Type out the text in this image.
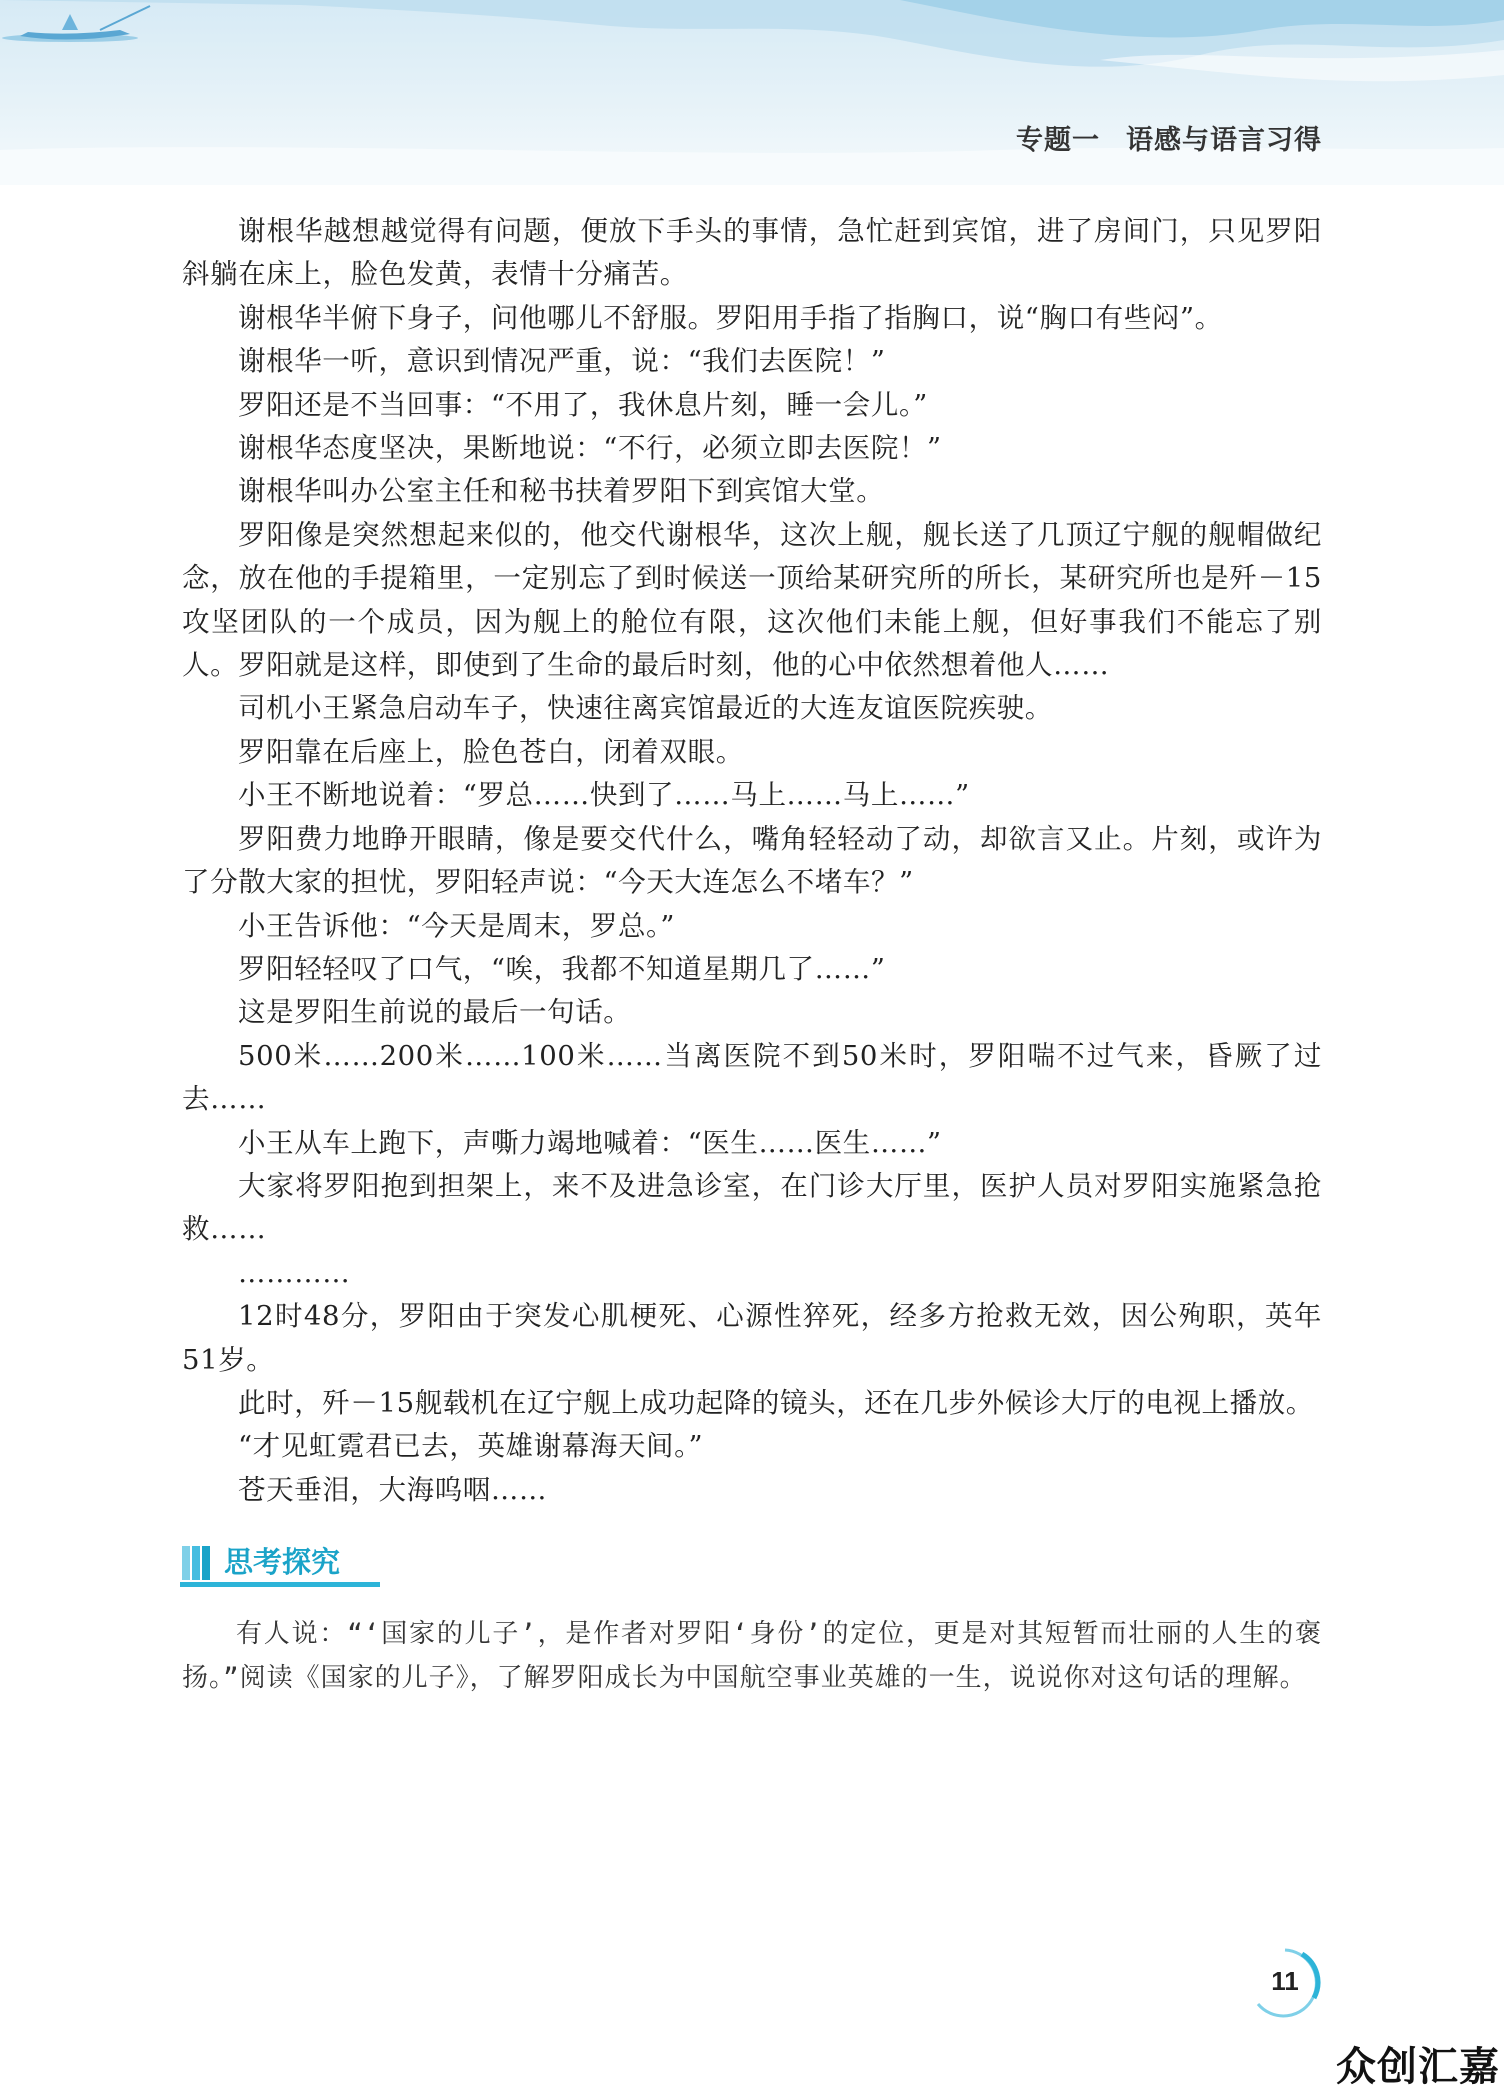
专题一 语感与语言习得

谢根华越想越觉得有问题，便放下手头的事情，急忙赶到宾馆，进了房间门，只见罗阳斜躺在床上，脸色发黄，表情十分痛苦。

谢根华半俯下身子，问他哪儿不舒服。罗阳用手指了指胸口，说“胸口有些闷”。

谢根华一听，意识到情况严重，说：“我们去医院！”

罗阳还是不当回事：“不用了，我休息片刻，睡一会儿。”

谢根华态度坚决，果断地说：“不行，必须立即去医院！”

谢根华叫办公室主任和秘书扶着罗阳下到宾馆大堂。

罗阳像是突然想起来似的，他交代谢根华，这次上舰，舰长送了几顶辽宁舰的舰帽做纪念，放在他的手提箱里，一定别忘了到时候送一顶给某研究所的所长，某研究所也是歼－15攻坚团队的一个成员，因为舰上的舱位有限，这次他们未能上舰，但好事我们不能忘了别人。罗阳就是这样，即使到了生命的最后时刻，他的心中依然想着他人……

司机小王紧急启动车子，快速往离宾馆最近的大连友谊医院疾驶。

罗阳靠在后座上，脸色苍白，闭着双眼。

小王不断地说着：“罗总……快到了……马上……马上……”

罗阳费力地睁开眼睛，像是要交代什么，嘴角轻轻动了动，却欲言又止。片刻，或许为了分散大家的担忧，罗阳轻声说：“今天大连怎么不堵车？”

小王告诉他：“今天是周末，罗总。”

罗阳轻轻叹了口气，“唉，我都不知道星期几了……”

这是罗阳生前说的最后一句话。

500米……200米……100米……当离医院不到50米时，罗阳喘不过气来，昏厥了过去……

小王从车上跑下，声嘶力竭地喊着：“医生……医生……”

大家将罗阳抱到担架上，来不及进急诊室，在门诊大厅里，医护人员对罗阳实施紧急抢救……

…………

12时48分，罗阳由于突发心肌梗死、心源性猝死，经多方抢救无效，因公殉职，英年51岁。

此时，歼－15舰载机在辽宁舰上成功起降的镜头，还在几步外候诊大厅的电视上播放。

“才见虹霓君已去，英雄谢幕海天间。”

苍天垂泪，大海呜咽……

思考探究

有人说：“‘国家的儿子’，是作者对罗阳‘身份’的定位，更是对其短暂而壮丽的人生的褒扬。”阅读《国家的儿子》，了解罗阳成长为中国航空事业英雄的一生，说说你对这句话的理解。

11
众创汇嘉
